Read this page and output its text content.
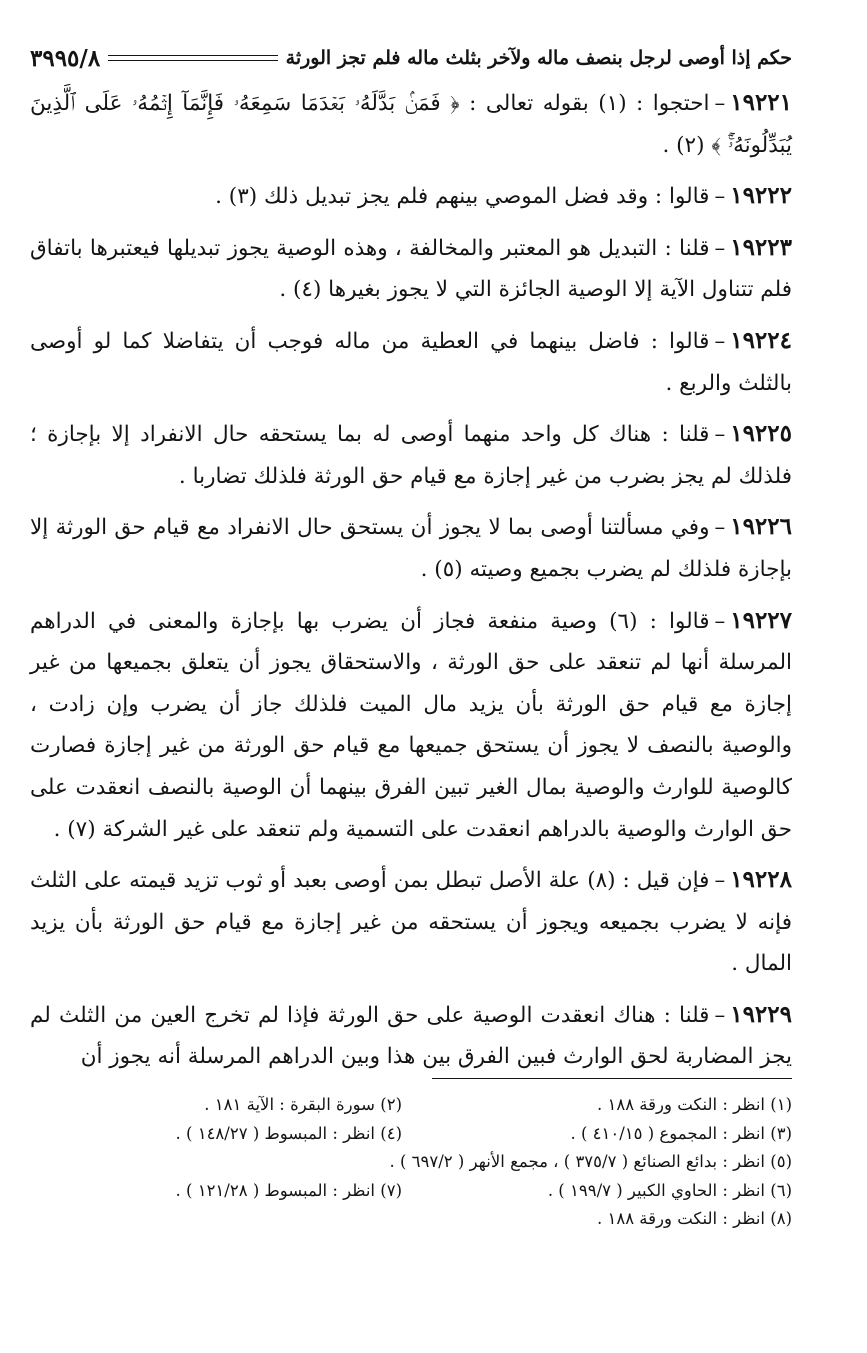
حكم إذا أوصى لرجل بنصف ماله ولآخر بثلث ماله فلم تجز الورثة
٣٩٩٥/٨

١٩٢٢١–احتجوا : (١) بقوله تعالى : ﴿ فَمَنۢ بَدَّلَهُۥ بَعۡدَمَا سَمِعَهُۥ فَإِنَّمَآ إِثۡمُهُۥ عَلَى ٱلَّذِينَ يُبَدِّلُونَهُۥٓۚ ﴾ (٢) .

١٩٢٢٢–قالوا : وقد فضل الموصي بينهم فلم يجز تبديل ذلك (٣) .

١٩٢٢٣–قلنا : التبديل هو المعتبر والمخالفة ، وهذه الوصية يجوز تبديلها فيعتبرها باتفاق فلم تتناول الآية إلا الوصية الجائزة التي لا يجوز بغيرها (٤) .

١٩٢٢٤–قالوا : فاضل بينهما في العطية من ماله فوجب أن يتفاضلا كما لو أوصى بالثلث والربع .

١٩٢٢٥–قلنا : هناك كل واحد منهما أوصى له بما يستحقه حال الانفراد إلا بإجازة ؛ فلذلك لم يجز بضرب من غير إجازة مع قيام حق الورثة فلذلك تضاربا .

١٩٢٢٦–وفي مسألتنا أوصى بما لا يجوز أن يستحق حال الانفراد مع قيام حق الورثة إلا بإجازة فلذلك لم يضرب بجميع وصيته (٥) .

١٩٢٢٧–قالوا : (٦) وصية منفعة فجاز أن يضرب بها بإجازة والمعنى في الدراهم المرسلة أنها لم تنعقد على حق الورثة ، والاستحقاق يجوز أن يتعلق بجميعها من غير إجازة مع قيام حق الورثة بأن يزيد مال الميت فلذلك جاز أن يضرب وإن زادت ، والوصية بالنصف لا يجوز أن يستحق جميعها مع قيام حق الورثة من غير إجازة فصارت كالوصية للوارث والوصية بمال الغير تبين الفرق بينهما أن الوصية بالنصف انعقدت على حق الوارث والوصية بالدراهم انعقدت على التسمية ولم تنعقد على غير الشركة (٧) .

١٩٢٢٨–فإن قيل : (٨) علة الأصل تبطل بمن أوصى بعبد أو ثوب تزيد قيمته على الثلث فإنه لا يضرب بجميعه ويجوز أن يستحقه من غير إجازة مع قيام حق الورثة بأن يزيد المال .

١٩٢٢٩–قلنا : هناك انعقدت الوصية على حق الورثة فإذا لم تخرج العين من الثلث لم يجز المضاربة لحق الوارث فبين الفرق بين هذا وبين الدراهم المرسلة أنه يجوز أن

(١) انظر : النكت ورقة ١٨٨ .
(٢) سورة البقرة : الآية ١٨١ .
(٣) انظر : المجموع ( ٤١٠/١٥ ) .
(٤) انظر : المبسوط ( ١٤٨/٢٧ ) .
(٥) انظر : بدائع الصنائع ( ٣٧٥/٧ ) ، مجمع الأنهر ( ٦٩٧/٢ ) .
(٦) انظر : الحاوي الكبير ( ١٩٩/٧ ) .
(٧) انظر : المبسوط ( ١٢١/٢٨ ) .
(٨) انظر : النكت ورقة ١٨٨ .
